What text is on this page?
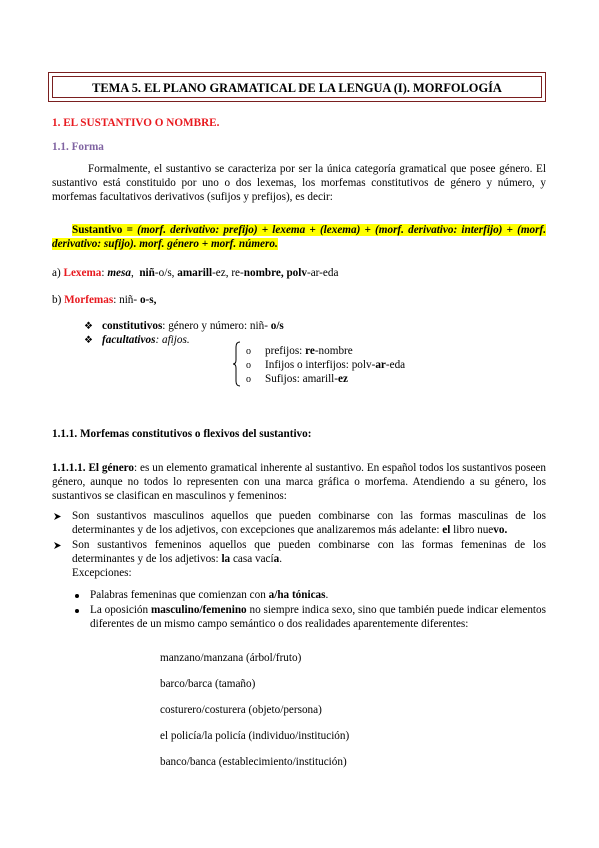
TEMA 5. EL PLANO GRAMATICAL DE LA LENGUA (I). MORFOLOGÍA
1. EL SUSTANTIVO O NOMBRE.
1.1. Forma
Formalmente, el sustantivo se caracteriza por ser la única categoría gramatical que posee género. El sustantivo está constituido por uno o dos lexemas, los morfemas constitutivos de género y número, y morfemas facultativos derivativos (sufijos y prefijos), es decir:
Sustantivo = (morf. derivativo: prefijo) + lexema + (lexema) + (morf. derivativo: interfijo) + (morf. derivativo: sufijo). morf. género + morf. número.
a) Lexema: mesa,  niñ-o/s, amarill-ez, re-nombre, polv-ar-eda
b) Morfemas: niñ- o-s,
❖ constitutivos: género y número: niñ- o/s
❖ facultativos: afijos.
o prefijos: re-nombre
o Infijos o interfijos: polv-ar-eda
o Sufijos: amarill-ez
1.1.1. Morfemas constitutivos o flexivos del sustantivo:
1.1.1.1. El género: es un elemento gramatical inherente al sustantivo. En español todos los sustantivos poseen género, aunque no todos lo representen con una marca gráfica o morfema. Atendiendo a su género, los sustantivos se clasifican en masculinos y femeninos:
Son sustantivos masculinos aquellos que pueden combinarse con las formas masculinas de los determinantes y de los adjetivos, con excepciones que analizaremos más adelante: el libro nuevo.
Son sustantivos femeninos aquellos que pueden combinarse con las formas femeninas de los determinantes y de los adjetivos: la casa vacía.
Excepciones:
Palabras femeninas que comienzan con a/ha tónicas.
La oposición masculino/femenino no siempre indica sexo, sino que también puede indicar elementos diferentes de un mismo campo semántico o dos realidades aparentemente diferentes:
manzano/manzana (árbol/fruto)
barco/barca (tamaño)
costurero/costurera (objeto/persona)
el policía/la policía (individuo/institución)
banco/banca (establecimiento/institución)
